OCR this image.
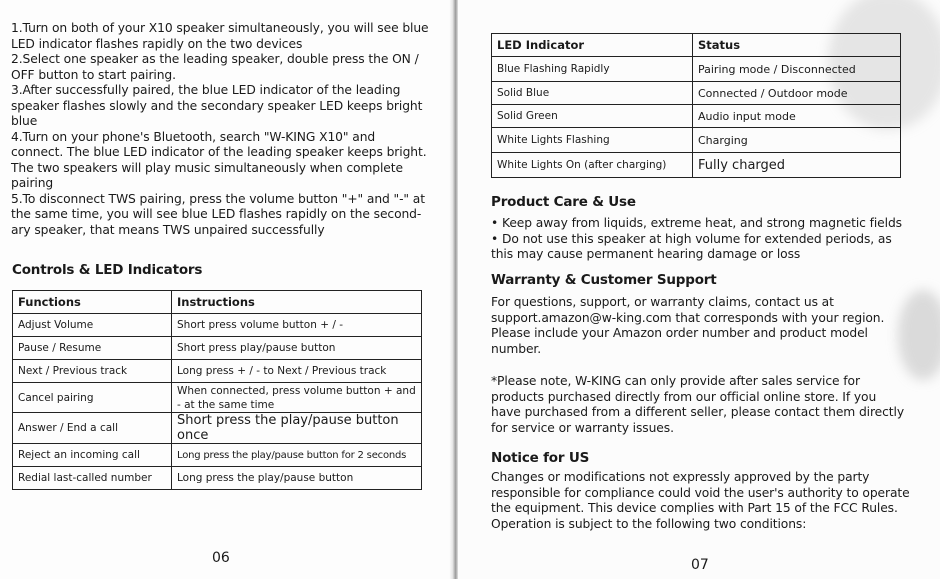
1.Turn on both of your X10 speaker simultaneously, you will see blue LED indicator flashes rapidly on the two devices
2.Select one speaker as the leading speaker, double press the ON / OFF button to start pairing.
3.After successfully paired, the blue LED indicator of the leading speaker flashes slowly and the secondary speaker LED keeps bright blue
4.Turn on your phone's Bluetooth, search "W-KING X10" and connect. The blue LED indicator of the leading speaker keeps bright. The two speakers will play music simultaneously when complete pairing
5.To disconnect TWS pairing, press the volume button "+" and "-" at the same time, you will see blue LED flashes rapidly on the second-ary speaker, that means TWS unpaired successfully
Controls & LED Indicators
Functions	Instructions
Adjust Volume	Short press volume button + / -
Pause / Resume	Short press play/pause button
Next / Previous track	Long press + / - to Next / Previous track
Cancel pairing	When connected, press volume button + and - at the same time
Answer / End a call	Short press the play/pause button once
Reject an incoming call	Long press the play/pause button for 2 seconds
Redial last-called number	Long press the play/pause button
06
LED Indicator	Status
Blue Flashing Rapidly	Pairing mode / Disconnected
Solid Blue	Connected / Outdoor mode
Solid Green	Audio input mode
White Lights Flashing	Charging
White Lights On (after charging)	Fully charged
Product Care & Use

• Keep away from liquids, extreme heat, and strong magnetic fields
• Do not use this speaker at high volume for extended periods, as this may cause permanent hearing damage or loss

Warranty & Customer Support

For questions, support, or warranty claims, contact us at support.amazon@w-king.com that corresponds with your region. Please include your Amazon order number and product model number.

*Please note, W-KING can only provide after sales service for products purchased directly from our official online store. If you have purchased from a different seller, please contact them directly for service or warranty issues.

Notice for US

Changes or modifications not expressly approved by the party responsible for compliance could void the user's authority to operate the equipment. This device complies with Part 15 of the FCC Rules. Operation is subject to the following two conditions:

07
